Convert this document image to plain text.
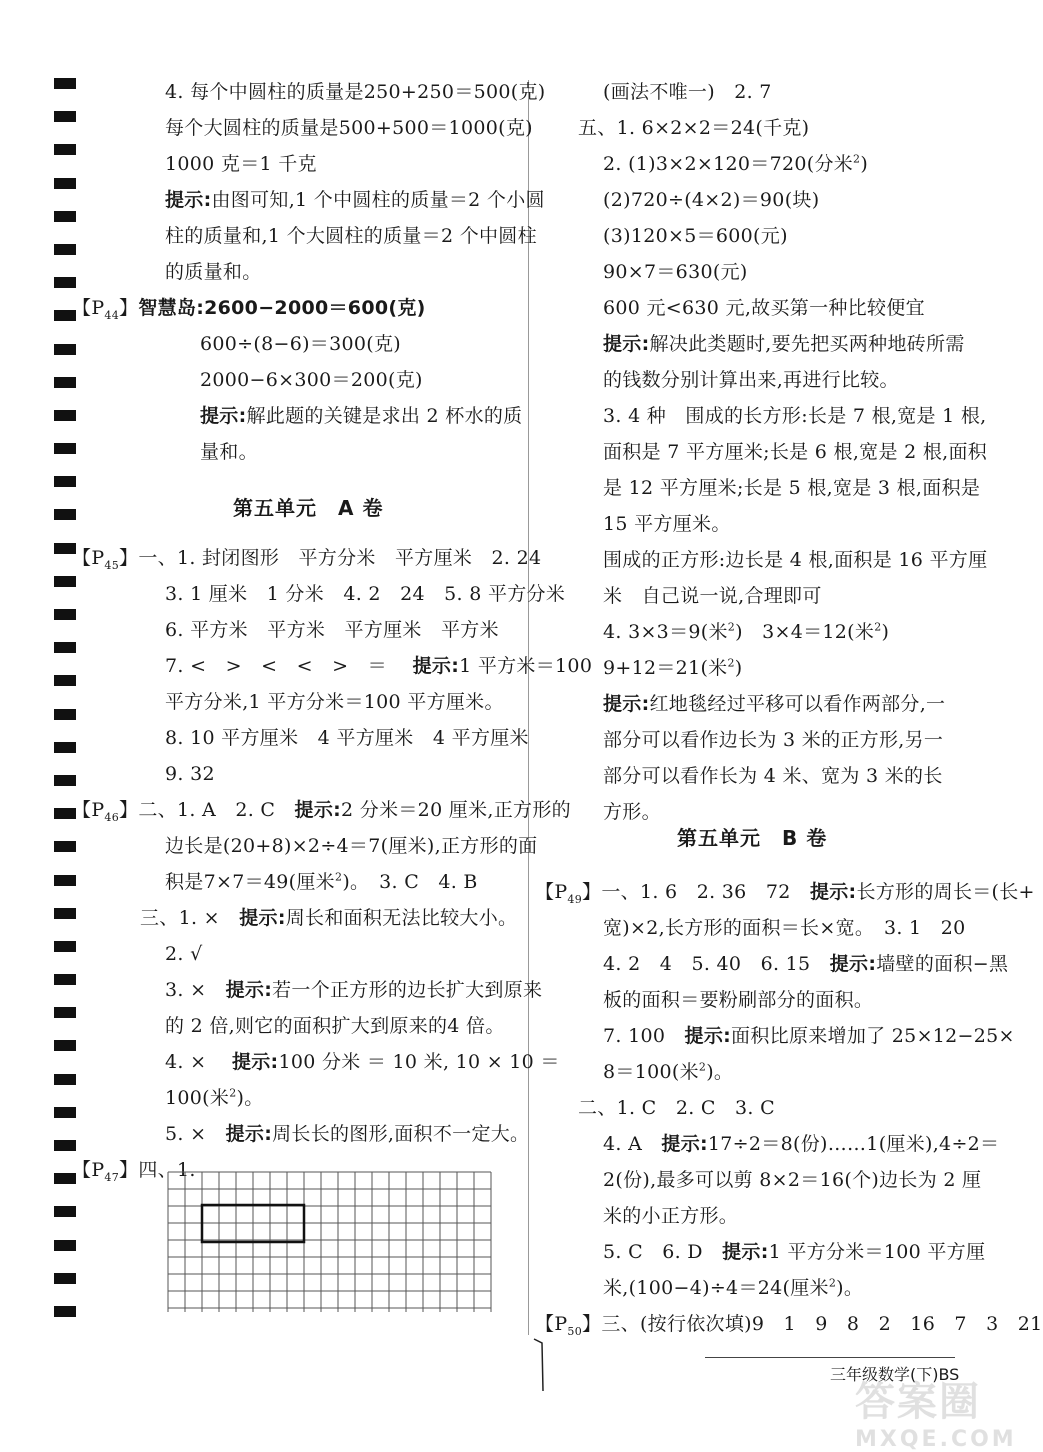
4. 每个中圆柱的质量是250+250＝500(克)
每个大圆柱的质量是500+500＝1000(克)
1000 克＝1 千克
提示:由图可知,1 个中圆柱的质量＝2 个小圆
柱的质量和,1 个大圆柱的质量＝2 个中圆柱
的质量和。
【$P_{44}$】智慧岛:2600−2000＝600(克)
600÷(8−6)＝300(克)
2000−6×300＝200(克)
提示:解此题的关键是求出 2 杯水的质
量和。
第五单元　A 卷
【$P_{45}$】一、1. 封闭图形　平方分米　平方厘米　2. 24
3. 1 厘米　1 分米　4. 2　24　5. 8 平方分米
6. 平方米　平方米　平方厘米　平方米
7. <　>　<　<　>　＝　 提示:1 平方米＝100
平方分米,1 平方分米＝100 平方厘米。
8. 10 平方厘米　4 平方厘米　4 平方厘米
9. 32
【$P_{46}$】二、1. A　2. C　 提示:2 分米＝20 厘米,正方形的
边长是(20+8)×2÷4＝7(厘米),正方形的面
积是7×7＝49(厘米$^2$)。　3. C　4. B
三、1. ×　 提示:周长和面积无法比较大小。
2. √
3. ×　 提示:若一个正方形的边长扩大到原来
的 2 倍,则它的面积扩大到原来的4 倍。
4. ×　 提示:100 分米 ＝ 10 米, 10 × 10 ＝
100(米$^2$)。
5. ×　 提示:周长长的图形,面积不一定大。
【$P_{47}$】四、1.
(画法不唯一)　2. 7
五、1. 6×2×2＝24(千克)
2. (1)3×2×120＝720(分米$^2$)
(2)720÷(4×2)＝90(块)
(3)120×5＝600(元)
90×7＝630(元)
600 元<630 元,故买第一种比较便宜
提示:解决此类题时,要先把买两种地砖所需
的钱数分别计算出来,再进行比较。
3. 4 种　围成的长方形:长是 7 根,宽是 1 根,
面积是 7 平方厘米;长是 6 根,宽是 2 根,面积
是 12 平方厘米;长是 5 根,宽是 3 根,面积是
15 平方厘米。
围成的正方形:边长是 4 根,面积是 16 平方厘
米　自己说一说,合理即可
4. 3×3＝9(米$^2$)　3×4＝12(米$^2$)
9+12＝21(米$^2$)
提示:红地毯经过平移可以看作两部分,一
部分可以看作边长为 3 米的正方形,另一
部分可以看作长为 4 米、宽为 3 米的长
方形。
第五单元　B 卷
【$P_{49}$】一、1. 6　2. 36　72　 提示:长方形的周长＝(长+
宽)×2,长方形的面积＝长×宽。　3. 1　20
4. 2　4　5. 40　6. 15　 提示:墙壁的面积−黑
板的面积＝要粉刷部分的面积。
7. 100　 提示:面积比原来增加了 25×12−25×
8＝100(米$^2$)。
二、1. C　2. C　3. C
4. A　 提示:17÷2＝8(份)……1(厘米),4÷2＝
2(份),最多可以剪 8×2＝16(个)边长为 2 厘
米的小正方形。
5. C　6. D　 提示:1 平方分米＝100 平方厘
米,(100−4)÷4＝24(厘米$^2$)。
【$P_{50}$】三、(按行依次填)9　1　9　8　2　16　7　3　21
三年级数学(下)BS
答案圈
MXQE.COM
